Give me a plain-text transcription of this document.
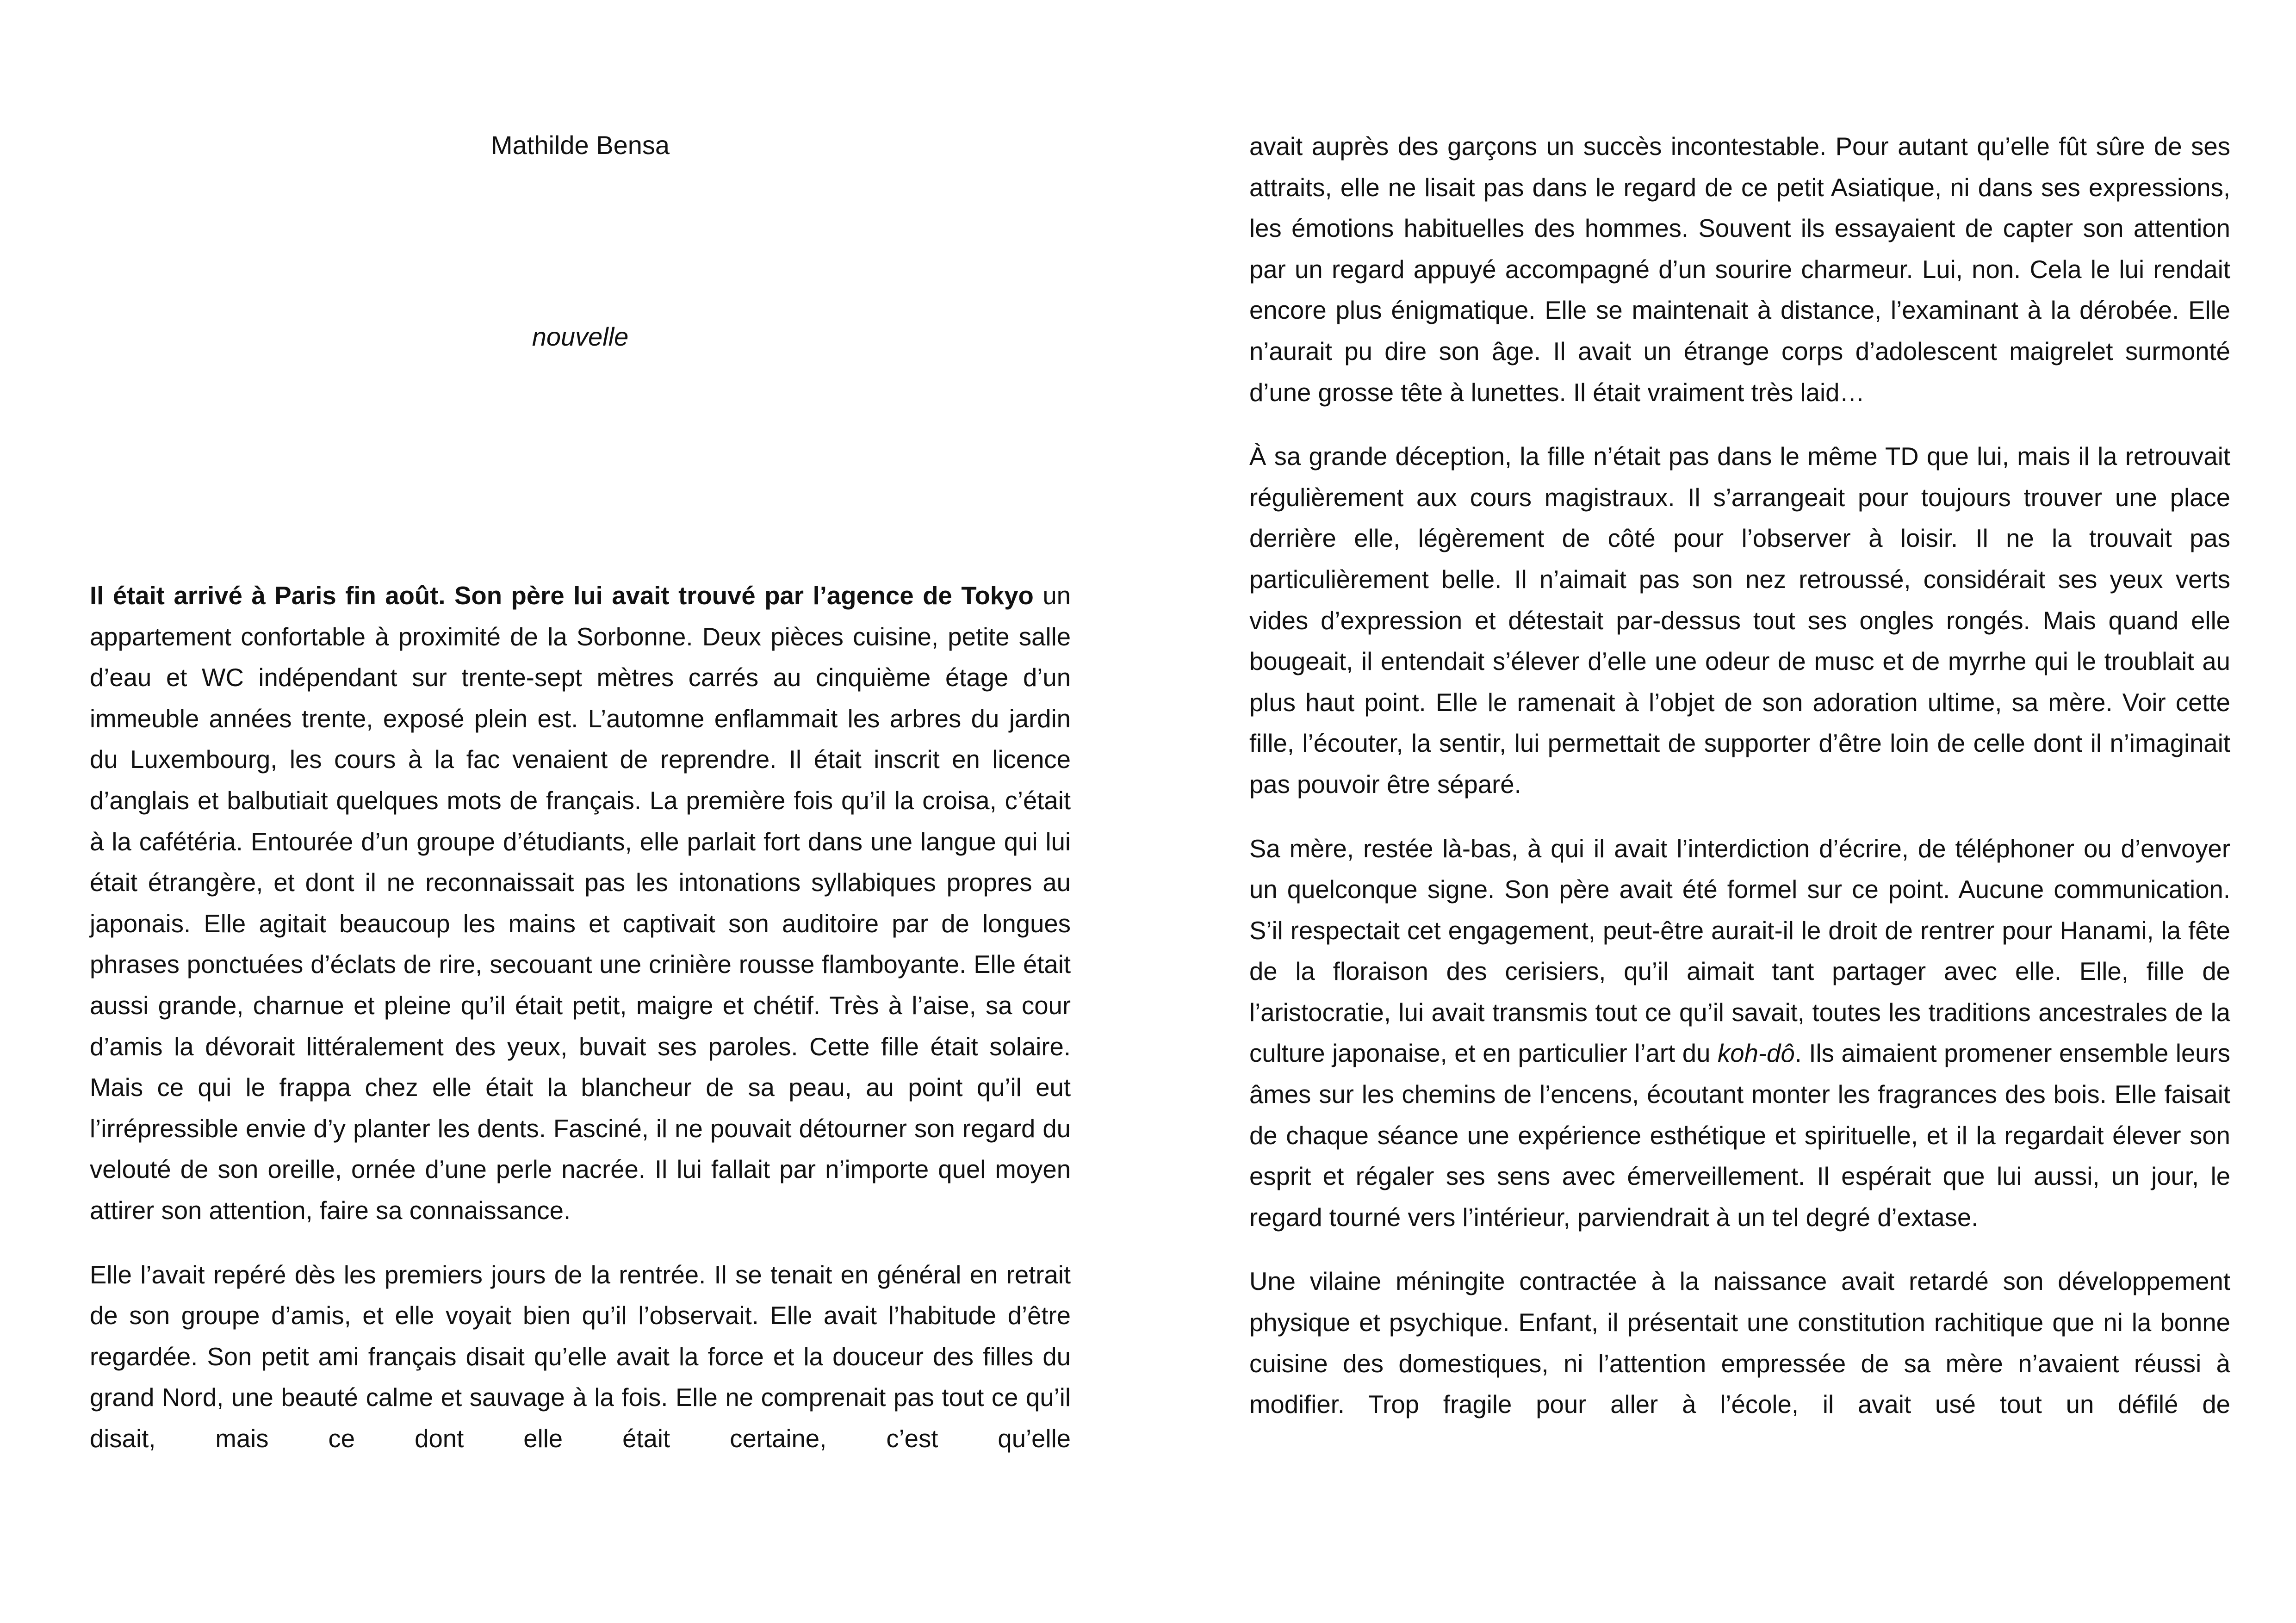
Mathilde Bensa

nouvelle

Il était arrivé à Paris fin août. Son père lui avait trouvé par l’agence de Tokyo un appartement confortable à proximité de la Sorbonne. Deux pièces cuisine, petite salle d’eau et WC indépendant sur trente-sept mètres carrés au cinquième étage d’un immeuble années trente, exposé plein est. L’automne enflammait les arbres du jardin du Luxembourg, les cours à la fac venaient de reprendre. Il était inscrit en licence d’anglais et balbutiait quelques mots de français. La première fois qu’il la croisa, c’était à la cafétéria. Entourée d’un groupe d’étudiants, elle parlait fort dans une langue qui lui était étrangère, et dont il ne reconnaissait pas les intonations syllabiques propres au japonais. Elle agitait beaucoup les mains et captivait son auditoire par de longues phrases ponctuées d’éclats de rire, secouant une crinière rousse flamboyante. Elle était aussi grande, charnue et pleine qu’il était petit, maigre et chétif. Très à l’aise, sa cour d’amis la dévorait littéralement des yeux, buvait ses paroles. Cette fille était solaire. Mais ce qui le frappa chez elle était la blancheur de sa peau, au point qu’il eut l’irrépressible envie d’y planter les dents. Fasciné, il ne pouvait détourner son regard du velouté de son oreille, ornée d’une perle nacrée. Il lui fallait par n’importe quel moyen attirer son attention, faire sa connaissance.

Elle l’avait repéré dès les premiers jours de la rentrée. Il se tenait en général en retrait de son groupe d’amis, et elle voyait bien qu’il l’observait. Elle avait l’habitude d’être regardée. Son petit ami français disait qu’elle avait la force et la douceur des filles du grand Nord, une beauté calme et sauvage à la fois. Elle ne comprenait pas tout ce qu’il disait, mais ce dont elle était certaine, c’est qu’elle

avait auprès des garçons un succès incontestable. Pour autant qu’elle fût sûre de ses attraits, elle ne lisait pas dans le regard de ce petit Asiatique, ni dans ses expressions, les émotions habituelles des hommes. Souvent ils essayaient de capter son attention par un regard appuyé accompagné d’un sourire charmeur. Lui, non. Cela le lui rendait encore plus énigmatique. Elle se maintenait à distance, l’examinant à la dérobée. Elle n’aurait pu dire son âge. Il avait un étrange corps d’adolescent maigrelet surmonté d’une grosse tête à lunettes. Il était vraiment très laid…

À sa grande déception, la fille n’était pas dans le même TD que lui, mais il la retrouvait régulièrement aux cours magistraux. Il s’arrangeait pour toujours trouver une place derrière elle, légèrement de côté pour l’observer à loisir. Il ne la trouvait pas particulièrement belle. Il n’aimait pas son nez retroussé, considérait ses yeux verts vides d’expression et détestait par-dessus tout ses ongles rongés. Mais quand elle bougeait, il entendait s’élever d’elle une odeur de musc et de myrrhe qui le troublait au plus haut point. Elle le ramenait à l’objet de son adoration ultime, sa mère. Voir cette fille, l’écouter, la sentir, lui permettait de supporter d’être loin de celle dont il n’imaginait pas pouvoir être séparé.

Sa mère, restée là-bas, à qui il avait l’interdiction d’écrire, de téléphoner ou d’envoyer un quelconque signe. Son père avait été formel sur ce point. Aucune communication. S’il respectait cet engagement, peut-être aurait-il le droit de rentrer pour Hanami, la fête de la floraison des cerisiers, qu’il aimait tant partager avec elle. Elle, fille de l’aristocratie, lui avait transmis tout ce qu’il savait, toutes les traditions ancestrales de la culture japonaise, et en particulier l’art du koh-dô. Ils aimaient promener ensemble leurs âmes sur les chemins de l’encens, écoutant monter les fragrances des bois. Elle faisait de chaque séance une expérience esthétique et spirituelle, et il la regardait élever son esprit et régaler ses sens avec émerveillement. Il espérait que lui aussi, un jour, le regard tourné vers l’intérieur, parviendrait à un tel degré d’extase.

Une vilaine méningite contractée à la naissance avait retardé son développement physique et psychique. Enfant, il présentait une constitution rachitique que ni la bonne cuisine des domestiques, ni l’attention empressée de sa mère n’avaient réussi à modifier. Trop fragile pour aller à l’école, il avait usé tout un défilé de
